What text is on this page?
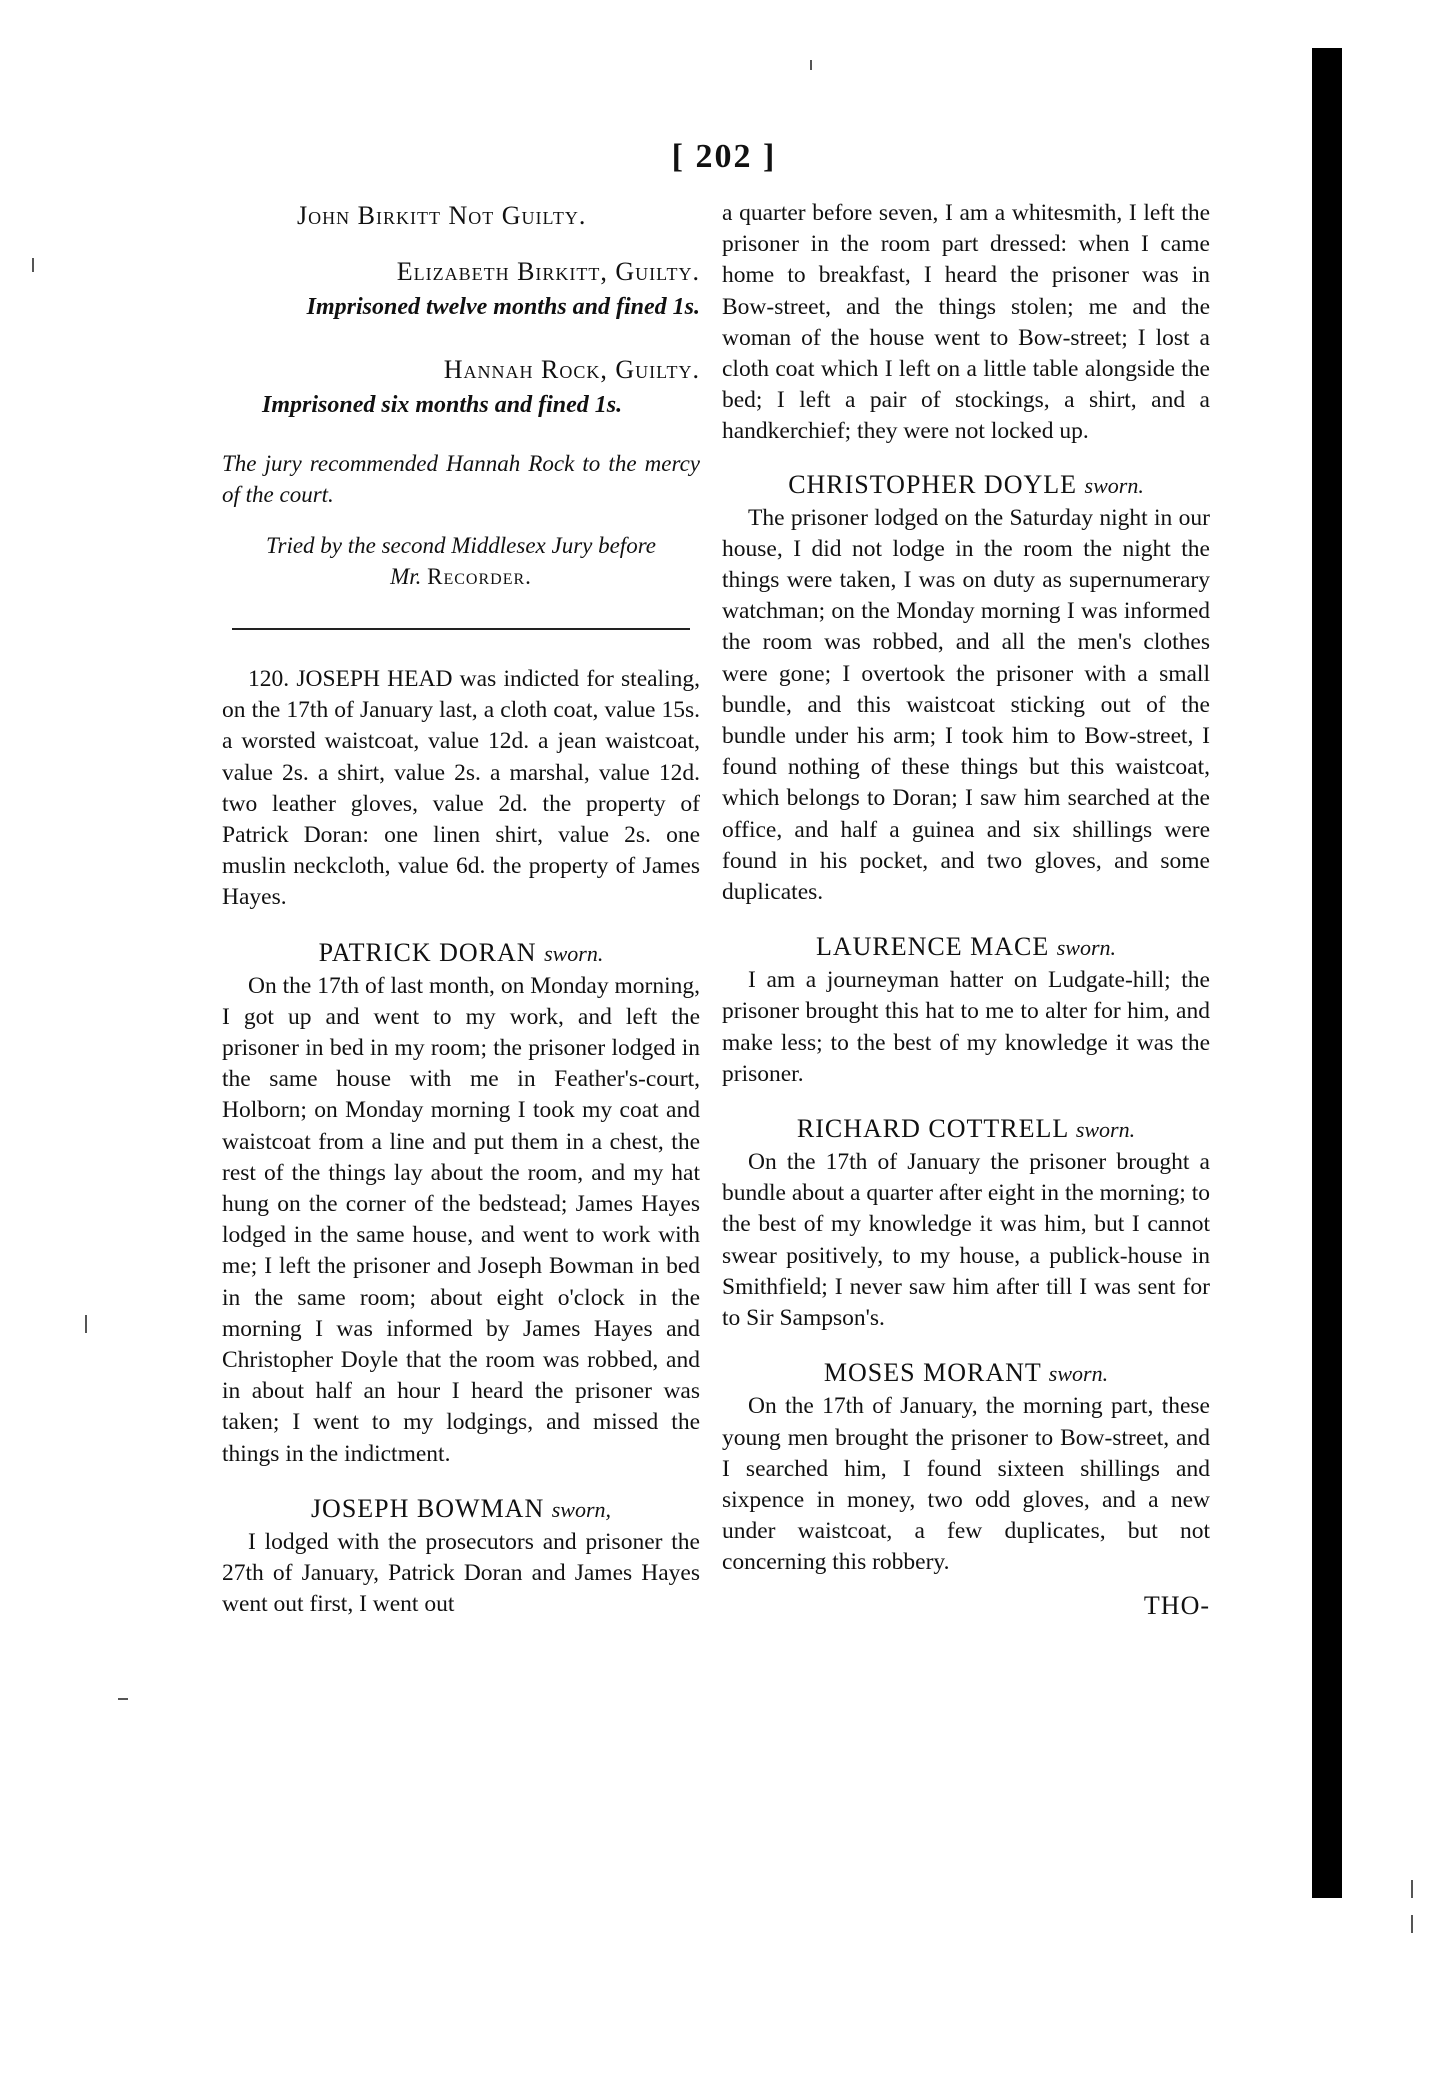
[ 202 ]

John Birkitt Not Guilty.

Elizabeth Birkitt, Guilty.

Imprisoned twelve months and fined 1s.

Hannah Rock, Guilty.

Imprisoned six months and fined 1s.

The jury recommended Hannah Rock to the mercy of the court.

Tried by the second Middlesex Jury before
Mr. Recorder.

120. JOSEPH HEAD was indicted for stealing, on the 17th of January last, a cloth coat, value 15s. a worsted waistcoat, value 12d. a jean waistcoat, value 2s. a shirt, value 2s. a marshal, value 12d. two leather gloves, value 2d. the property of Patrick Doran: one linen shirt, value 2s. one muslin neckcloth, value 6d. the property of James Hayes.

PATRICK DORAN sworn.

On the 17th of last month, on Monday morning, I got up and went to my work, and left the prisoner in bed in my room; the prisoner lodged in the same house with me in Feather's-court, Holborn; on Monday morning I took my coat and waistcoat from a line and put them in a chest, the rest of the things lay about the room, and my hat hung on the corner of the bedstead; James Hayes lodged in the same house, and went to work with me; I left the prisoner and Joseph Bowman in bed in the same room; about eight o'clock in the morning I was informed by James Hayes and Christopher Doyle that the room was robbed, and in about half an hour I heard the prisoner was taken; I went to my lodgings, and missed the things in the indictment.

JOSEPH BOWMAN sworn,

I lodged with the prosecutors and prisoner the 27th of January, Patrick Doran and James Hayes went out first, I went out

a quarter before seven, I am a whitesmith, I left the prisoner in the room part dressed: when I came home to breakfast, I heard the prisoner was in Bow-street, and the things stolen; me and the woman of the house went to Bow-street; I lost a cloth coat which I left on a little table alongside the bed; I left a pair of stockings, a shirt, and a handkerchief; they were not locked up.

CHRISTOPHER DOYLE sworn.

The prisoner lodged on the Saturday night in our house, I did not lodge in the room the night the things were taken, I was on duty as supernumerary watchman; on the Monday morning I was informed the room was robbed, and all the men's clothes were gone; I overtook the prisoner with a small bundle, and this waistcoat sticking out of the bundle under his arm; I took him to Bow-street, I found nothing of these things but this waistcoat, which belongs to Doran; I saw him searched at the office, and half a guinea and six shillings were found in his pocket, and two gloves, and some duplicates.

LAURENCE MACE sworn.

I am a journeyman hatter on Ludgate-hill; the prisoner brought this hat to me to alter for him, and make less; to the best of my knowledge it was the prisoner.

RICHARD COTTRELL sworn.

On the 17th of January the prisoner brought a bundle about a quarter after eight in the morning; to the best of my knowledge it was him, but I cannot swear positively, to my house, a publick-house in Smithfield; I never saw him after till I was sent for to Sir Sampson's.

MOSES MORANT sworn.

On the 17th of January, the morning part, these young men brought the prisoner to Bow-street, and I searched him, I found sixteen shillings and sixpence in money, two odd gloves, and a new under waistcoat, a few duplicates, but not concerning this robbery.

THO-
